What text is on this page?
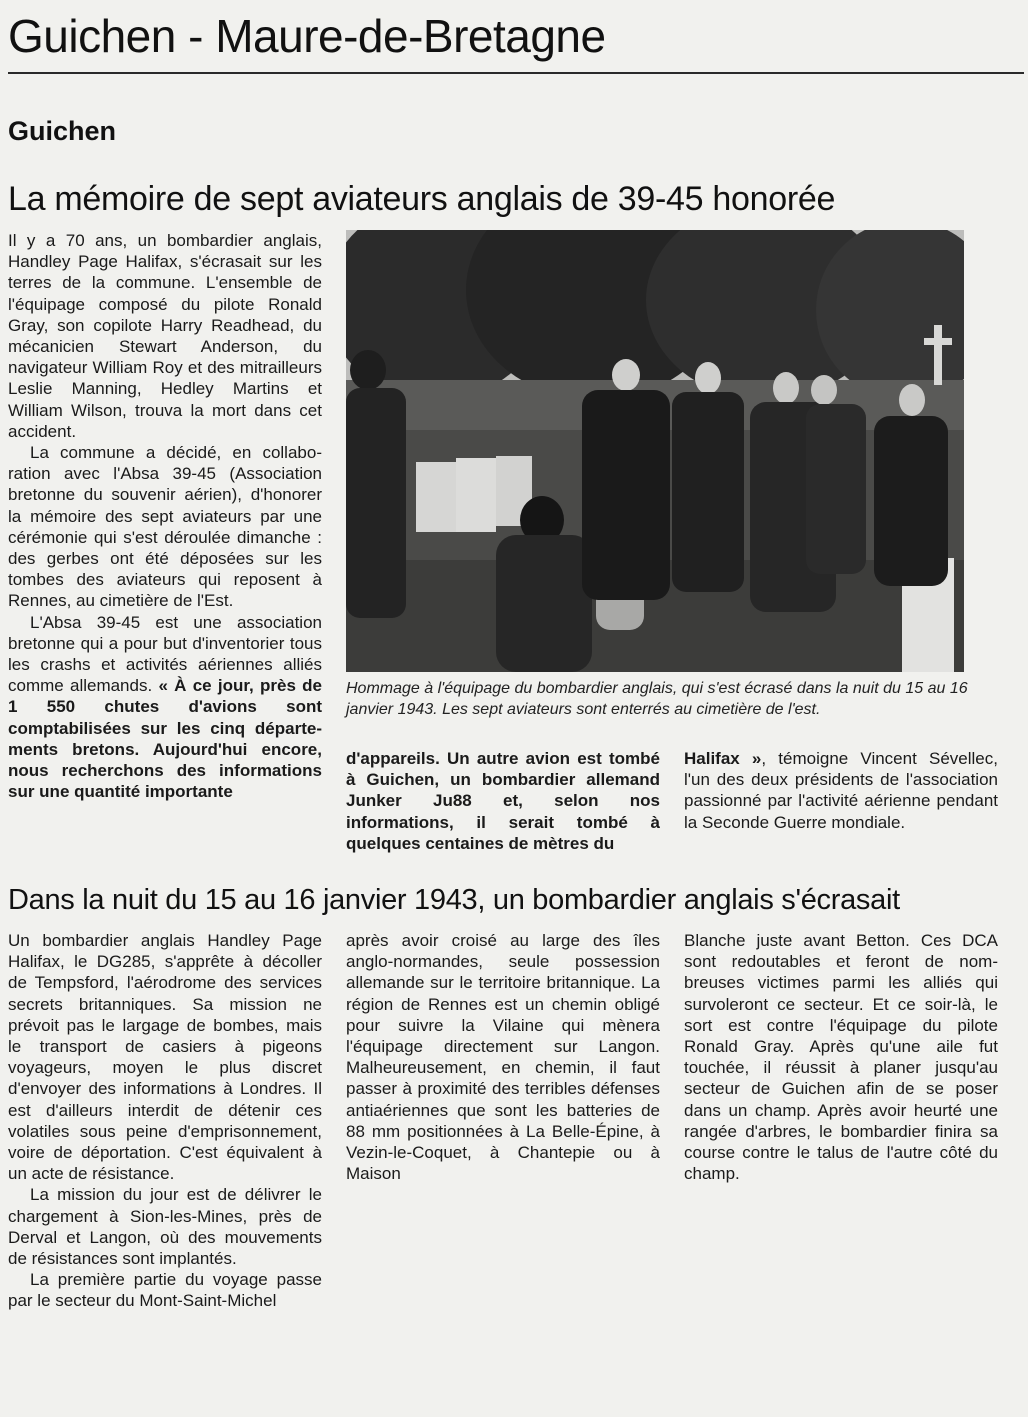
Guichen - Maure-de-Bretagne
Guichen
La mémoire de sept aviateurs anglais de 39-45 honorée

Il y a 70 ans, un bombardier anglais, Handley Page Halifax, s'écrasait sur les terres de la commune. L'ensemble de l'équipage composé du pilote Ronald Gray, son copilote Harry Readhead, du mécanicien Stewart Anderson, du navigateur William Roy et des mitrailleurs Leslie Manning, Hedley Martins et William Wilson, trouva la mort dans cet accident.

La commune a décidé, en collaboration avec l'Absa 39-45 (Association bretonne du souvenir aérien), d'honorer la mémoire des sept aviateurs par une cérémonie qui s'est déroulée dimanche : des gerbes ont été déposées sur les tombes des aviateurs qui reposent à Rennes, au cimetière de l'Est.

L'Absa 39-45 est une association bretonne qui a pour but d'inventorier tous les crashs et activités aériennes alliés comme allemands. « À ce jour, près de 1 550 chutes d'avions sont comptabilisées sur les cinq départements bretons. Aujourd'hui encore, nous recherchons des informations sur une quantité importante

Hommage à l'équipage du bombardier anglais, qui s'est écrasé dans la nuit du 15 au 16 janvier 1943. Les sept aviateurs sont enterrés au cimetière de l'est.

d'appareils. Un autre avion est tombé à Guichen, un bombardier allemand Junker Ju88 et, selon nos informations, il serait tombé à quelques centaines de mètres du

Halifax », témoigne Vincent Sévellec, l'un des deux présidents de l'association passionné par l'activité aérienne pendant la Seconde Guerre mondiale.

Dans la nuit du 15 au 16 janvier 1943, un bombardier anglais s'écrasait

Un bombardier anglais Handley Page Halifax, le DG285, s'apprête à décoller de Tempsford, l'aérodrome des services secrets britanniques. Sa mission ne prévoit pas le largage de bombes, mais le transport de casiers à pigeons voyageurs, moyen le plus discret d'envoyer des informations à Londres. Il est d'ailleurs interdit de détenir ces volatiles sous peine d'emprisonnement, voire de déportation. C'est équivalent à un acte de résistance.

La mission du jour est de délivrer le chargement à Sion-les-Mines, près de Derval et Langon, où des mouvements de résistances sont implantés.

La première partie du voyage passe par le secteur du Mont-Saint-Michel

après avoir croisé au large des îles anglo-normandes, seule possession allemande sur le territoire britannique. La région de Rennes est un chemin obligé pour suivre la Vilaine qui mènera l'équipage directement sur Langon. Malheureusement, en chemin, il faut passer à proximité des terribles défenses antiaériennes que sont les batteries de 88 mm positionnées à La Belle-Épine, à Vezin-le-Coquet, à Chantepie ou à Maison

Blanche juste avant Betton. Ces DCA sont redoutables et feront de nombreuses victimes parmi les alliés qui survoleront ce secteur. Et ce soir-là, le sort est contre l'équipage du pilote Ronald Gray. Après qu'une aile fut touchée, il réussit à planer jusqu'au secteur de Guichen afin de se poser dans un champ. Après avoir heurté une rangée d'arbres, le bombardier finira sa course contre le talus de l'autre côté du champ.
